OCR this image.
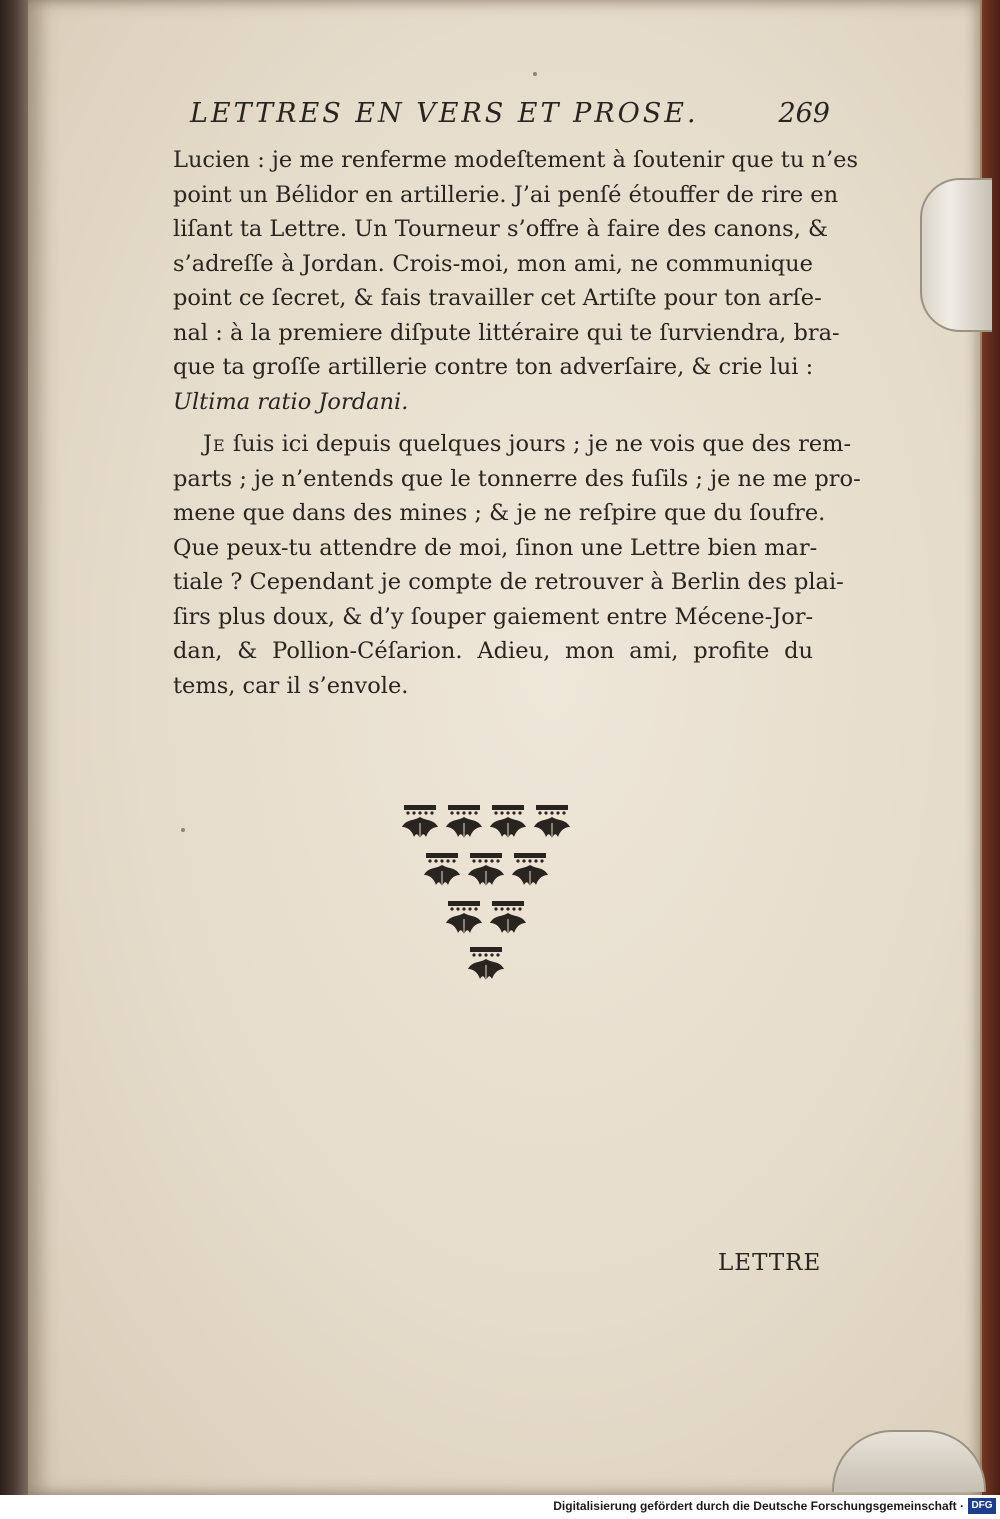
LETTRES EN VERS ET PROSE.	269
Lucien : je me renferme modeſtement à ſoutenir que tu n’es
point un Bélidor en artillerie. J’ai penſé étouffer de rire en
liſant ta Lettre. Un Tourneur s’offre à faire des canons, &
s’adreſſe à Jordan. Crois-moi, mon ami, ne communique
point ce ſecret, & fais travailler cet Artiſte pour ton arſe-
nal : à la premiere diſpute littéraire qui te ſurviendra, bra-
que ta groſſe artillerie contre ton adverſaire, & crie lui :
Ultima ratio Jordani.
Je ſuis ici depuis quelques jours ; je ne vois que des rem-
parts ; je n’entends que le tonnerre des fuſils ; je ne me pro-
mene que dans des mines ; & je ne reſpire que du ſoufre.
Que peux-tu attendre de moi, ſinon une Lettre bien mar-
tiale ? Cependant je compte de retrouver à Berlin des plai-
ſirs plus doux, & d’y ſouper gaiement entre Mécene-Jor-
dan, & Pollion-Céſarion. Adieu, mon ami, profite du
tems, car il s’envole.
LETTRE
Digitalisierung gefördert durch die Deutsche Forschungsgemeinschaft · DFG
